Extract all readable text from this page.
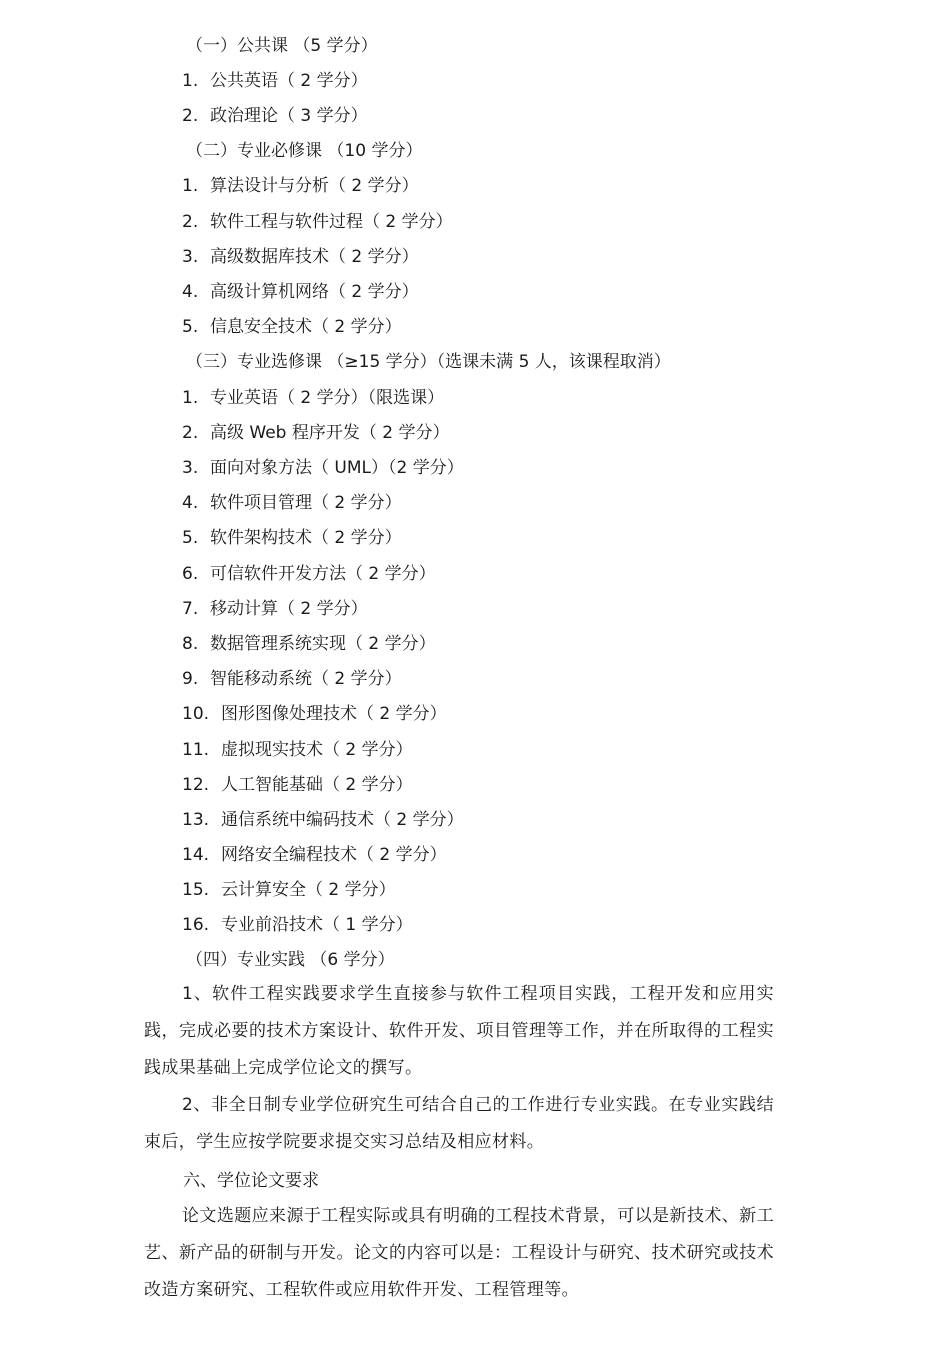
（一）公共课 （5 学分）
1. 公共英语（ 2 学分）
2. 政治理论（ 3 学分）
（二）专业必修课 （10 学分）
1. 算法设计与分析（ 2 学分）
2. 软件工程与软件过程（ 2 学分）
3. 高级数据库技术（ 2 学分）
4. 高级计算机网络（ 2 学分）
5. 信息安全技术（ 2 学分）
（三）专业选修课 （≥15 学分）（选课未满 5 人，该课程取消）
1. 专业英语（ 2 学分）（限选课）
2. 高级 Web 程序开发（ 2 学分）
3. 面向对象方法（ UML）（2 学分）
4. 软件项目管理（ 2 学分）
5. 软件架构技术（ 2 学分）
6. 可信软件开发方法（ 2 学分）
7. 移动计算（ 2 学分）
8. 数据管理系统实现（ 2 学分）
9. 智能移动系统（ 2 学分）
10. 图形图像处理技术（ 2 学分）
11. 虚拟现实技术（ 2 学分）
12. 人工智能基础（ 2 学分）
13. 通信系统中编码技术（ 2 学分）
14. 网络安全编程技术（ 2 学分）
15. 云计算安全（ 2 学分）
16. 专业前沿技术（ 1 学分）
（四）专业实践 （6 学分）
1、软件工程实践要求学生直接参与软件工程项目实践，工程开发和应用实践，完成必要的技术方案设计、软件开发、项目管理等工作，并在所取得的工程实践成果基础上完成学位论文的撰写。
2、非全日制专业学位研究生可结合自己的工作进行专业实践。在专业实践结束后，学生应按学院要求提交实习总结及相应材料。
六、学位论文要求
论文选题应来源于工程实际或具有明确的工程技术背景，可以是新技术、新工艺、新产品的研制与开发。论文的内容可以是：工程设计与研究、技术研究或技术改造方案研究、工程软件或应用软件开发、工程管理等。
